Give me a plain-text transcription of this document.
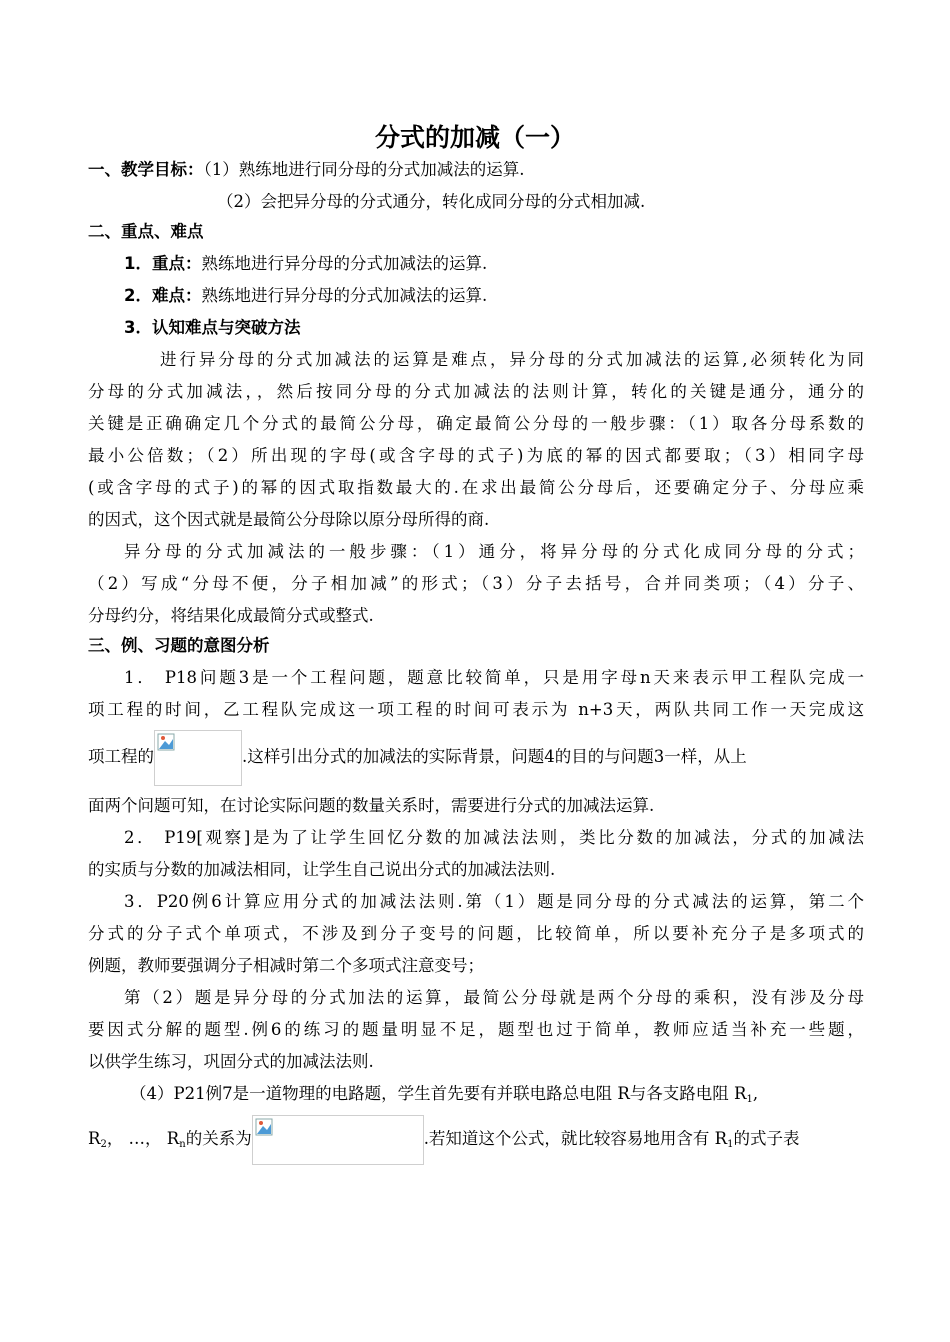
分式的加减（一）
一、教学目标：（1）熟练地进行同分母的分式加减法的运算.
（2）会把异分母的分式通分，转化成同分母的分式相加减.
二、重点、难点
1．重点：熟练地进行异分母的分式加减法的运算.
2．难点：熟练地进行异分母的分式加减法的运算.
3．认知难点与突破方法
进行异分母的分式加减法的运算是难点，异分母的分式加减法的运算,必须转化为同
分母的分式加减法，，然后按同分母的分式加减法的法则计算，转化的关键是通分，通分的
关键是正确确定几个分式的最简公分母，确定最简公分母的一般步骤：（1）取各分母系数的
最小公倍数；（2）所出现的字母(或含字母的式子)为底的幂的因式都要取；（3）相同字母
(或含字母的式子)的幂的因式取指数最大的.在求出最简公分母后，还要确定分子、分母应乘
的因式，这个因式就是最简公分母除以原分母所得的商.
异分母的分式加减法的一般步骤：（1）通分，将异分母的分式化成同分母的分式；
（2）写成“分母不便，分子相加减”的形式；（3）分子去括号，合并同类项；（4）分子、
分母约分，将结果化成最简分式或整式.
三、例、习题的意图分析
1． P18问题3是一个工程问题，题意比较简单，只是用字母n天来表示甲工程队完成一
项工程的时间，乙工程队完成这一项工程的时间可表示为 n+3天，两队共同工作一天完成这
项工程的	.这样引出分式的加减法的实际背景，问题4的目的与问题3一样，从上
面两个问题可知，在讨论实际问题的数量关系时，需要进行分式的加减法运算.
2． P19[观察]是为了让学生回忆分数的加减法法则，类比分数的加减法，分式的加减法
的实质与分数的加减法相同，让学生自己说出分式的加减法法则.
3．P20例6计算应用分式的加减法法则.第（1）题是同分母的分式减法的运算，第二个
分式的分子式个单项式，不涉及到分子变号的问题，比较简单，所以要补充分子是多项式的
例题，教师要强调分子相减时第二个多项式注意变号；
第（2）题是异分母的分式加法的运算，最简公分母就是两个分母的乘积，没有涉及分母
要因式分解的题型.例6的练习的题量明显不足，题型也过于简单，教师应适当补充一些题，
以供学生练习，巩固分式的加减法法则.
（4）P21例7是一道物理的电路题，学生首先要有并联电路总电阻 R与各支路电阻 $R_1$,
$R_2$， …， $R_n$的关系为	.若知道这个公式，就比较容易地用含有 $R_1$的式子表
